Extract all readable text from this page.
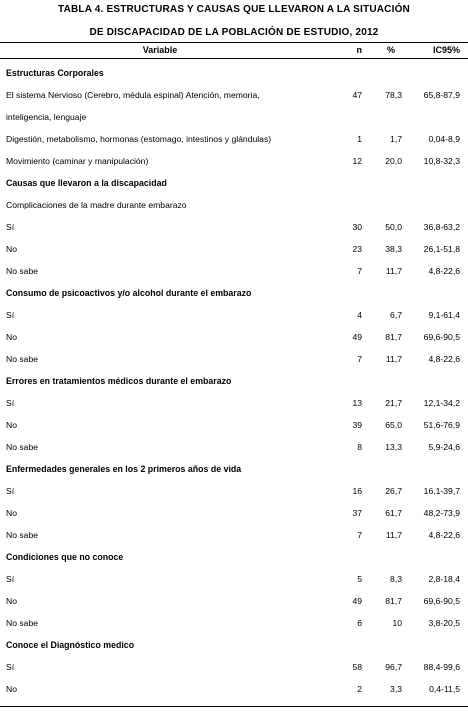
TABLA 4. ESTRUCTURAS Y CAUSAS QUE LLEVARON A LA SITUACIÓN
DE DISCAPACIDAD DE LA POBLACIÓN DE ESTUDIO, 2012
Variable	n	%	IC95%
Estructuras Corporales
El sistema Nervioso (Cerebro, médula espinal) Atención, memoria,	47	78,3	65,8-87,9
inteligencia, lenguaje
Digestión, metabolismo, hormonas (estomago, intestinos y glándulas)	1	1,7	0,04-8,9
Movimiento (caminar y manipulación)	12	20,0	10,8-32,3
Causas que llevaron a la discapacidad
Complicaciones de la madre durante embarazo
Sí	30	50,0	36,8-63,2
No	23	38,3	26,1-51,8
No sabe	7	11,7	4,8-22,6
Consumo de psicoactivos y/o alcohol durante el embarazo
Sí	4	6,7	9,1-61,4
No	49	81,7	69,6-90,5
No sabe	7	11,7	4,8-22,6
Errores en tratamientos médicos durante el embarazo
Sí	13	21,7	12,1-34,2
No	39	65,0	51,6-76,9
No sabe	8	13,3	5,9-24,6
Enfermedades generales en los 2 primeros años de vida
Sí	16	26,7	16,1-39,7
No	37	61,7	48,2-73,9
No sabe	7	11,7	4,8-22,6
Condiciones que no conoce
Sí	5	8,3	2,8-18,4
No	49	81,7	69,6-90,5
No sabe	6	10	3,8-20,5
Conoce el Diagnóstico medico
Sí	58	96,7	88,4-99,6
No	2	3,3	0,4-11,5
